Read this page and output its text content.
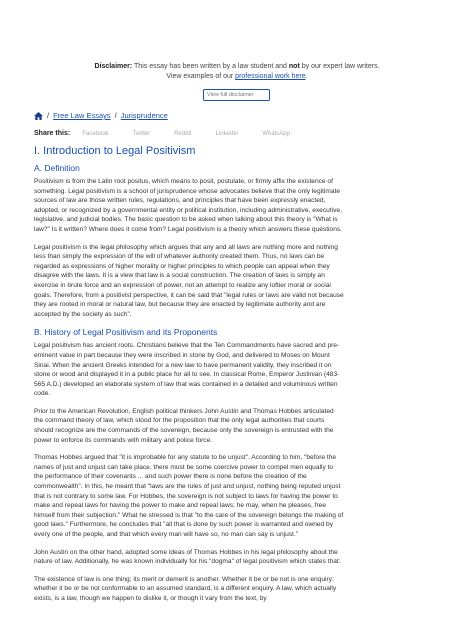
Disclaimer: This essay has been written by a law student and not by our expert law writers. View examples of our professional work here.
View full disclaimer
/ Free Law Essays / Jurisprudence
Share this: Facebook	Twitter	Reddit	LinkedIn	WhatsApp
I. Introduction to Legal Positivism
A. Definition

Positivism is from the Latin root positus, which means to posit, postulate, or firmly affix the existence of something. Legal positivism is a school of jurisprudence whose advocates believe that the only legitimate sources of law are those written rules, regulations, and principles that have been expressly enacted, adopted, or recognized by a governmental entity or political institution, including administrative, executive, legislative, and judicial bodies. The basic question to be asked when talking about this theory is "What is law?" Is it written? Where does it come from? Legal positivism is a theory which answers these questions.

Legal positivism is the legal philosophy which argues that any and all laws are nothing more and nothing less than simply the expression of the will of whatever authority created them. Thus, no laws can be regarded as expressions of higher morality or higher principles to which people can appeal when they disagree with the laws. It is a view that law is a social construction. The creation of laws is simply an exercise in brute force and an expression of power, not an attempt to realize any loftier moral or social goals. Therefore, from a positivist perspective, it can be said that "legal rules or laws are valid not because they are rooted in moral or natural law, but because they are enacted by legitimate authority and are accepted by the society as such".

B. History of Legal Positivism and its Proponents

Legal positivism has ancient roots. Christians believe that the Ten Commandments have sacred and pre-eminent value in part because they were inscribed in stone by God, and delivered to Moses on Mount Sinai. When the ancient Greeks intended for a new law to have permanent validity, they inscribed it on stone or wood and displayed it in a public place for all to see. In classical Rome, Emperor Justinian (483-565 A.D.) developed an elaborate system of law that was contained in a detailed and voluminous written code.

Prior to the American Revolution, English political thinkers John Austin and Thomas Hobbes articulated the command theory of law, which stood for the proposition that the only legal authorities that courts should recognize are the commands of the sovereign, because only the sovereign is entrusted with the power to enforce its commands with military and police force.

Thomas Hobbes argued that "it is improbable for any statute to be unjust". According to him, "before the names of just and unjust can take place, there must be some coercive power to compel men equally to the performance of their covenants ... and such power there is none before the creation of the commonwealth". In this, he meant that "laws are the rules of just and unjust, nothing being reputed unjust that is not contrary to some law. For Hobbes, the sovereign is not subject to laws for having the power to make and repeal laws for having the power to make and repeal laws; he may, when he pleases, free himself from their subjection." What he stressed is that "to the care of the sovereign belongs the making of good laws." Furthermore, he concludes that "all that is done by such power is warranted and owned by every one of the people, and that which every man will have so, no man can say is unjust."

John Austin on the other hand, adopted some ideas of Thomas Hobbes in his legal philosophy about the nature of law. Additionally, he was known individually for his "dogma" of legal positivism which states that:

The existence of law is one thing; its merit or demerit is another. Whether it be or be not is one enquiry; whether it be or be not conformable to an assumed standard, is a different enquiry. A law, which actually exists, is a law, though we happen to dislike it, or though it vary from the text, by
